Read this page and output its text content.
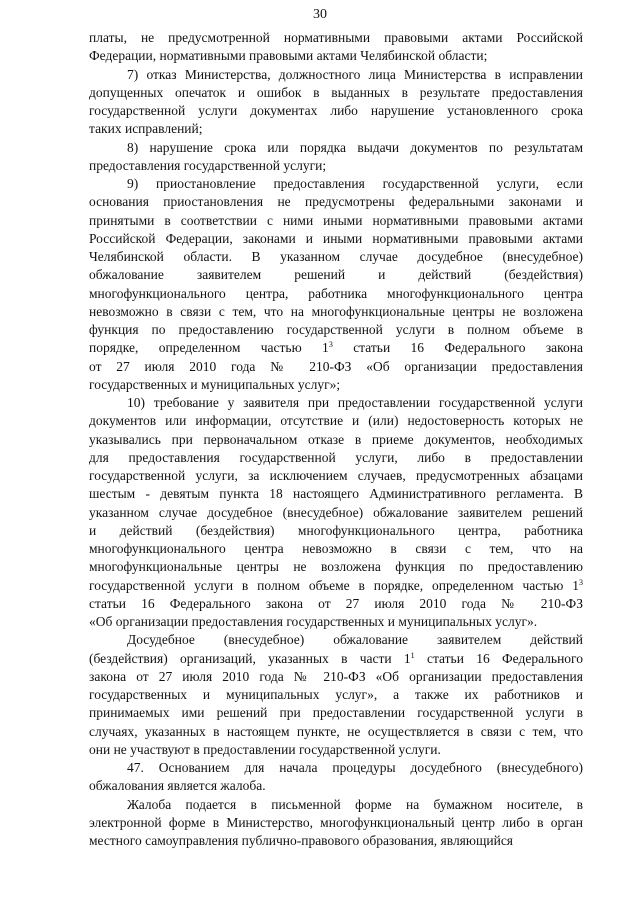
30
платы, не предусмотренной нормативными правовыми актами Российской
Федерации, нормативными правовыми актами Челябинской области;
7) отказ Министерства, должностного лица Министерства в исправлении
допущенных опечаток и ошибок в выданных в результате предоставления
государственной услуги документах либо нарушение установленного срока
таких исправлений;
8) нарушение срока или порядка выдачи документов по результатам
предоставления государственной услуги;
9) приостановление предоставления государственной услуги, если
основания приостановления не предусмотрены федеральными законами и
принятыми в соответствии с ними иными нормативными правовыми актами
Российской Федерации, законами и иными нормативными правовыми актами
Челябинской области. В указанном случае досудебное (внесудебное)
обжалование заявителем решений и действий (бездействия)
многофункционального центра, работника многофункционального центра
невозможно в связи с тем, что на многофункциональные центры не возложена
функция по предоставлению государственной услуги в полном объеме в
порядке, определенном частью $1^3$ статьи 16 Федерального закона
от 27 июля 2010 года № 210-ФЗ «Об организации предоставления
государственных и муниципальных услуг»;
10) требование у заявителя при предоставлении государственной услуги
документов или информации, отсутствие и (или) недостоверность которых не
указывались при первоначальном отказе в приеме документов, необходимых
для предоставления государственной услуги, либо в предоставлении
государственной услуги, за исключением случаев, предусмотренных абзацами
шестым - девятым пункта 18 настоящего Административного регламента. В
указанном случае досудебное (внесудебное) обжалование заявителем решений
и действий (бездействия) многофункционального центра, работника
многофункционального центра невозможно в связи с тем, что на
многофункциональные центры не возложена функция по предоставлению
государственной услуги в полном объеме в порядке, определенном частью $1^3$
статьи 16 Федерального закона от 27 июля 2010 года № 210-ФЗ
«Об организации предоставления государственных и муниципальных услуг».
Досудебное (внесудебное) обжалование заявителем действий
(бездействия) организаций, указанных в части $1^1$ статьи 16 Федерального
закона от 27 июля 2010 года № 210-ФЗ «Об организации предоставления
государственных и муниципальных услуг», а также их работников и
принимаемых ими решений при предоставлении государственной услуги в
случаях, указанных в настоящем пункте, не осуществляется в связи с тем, что
они не участвуют в предоставлении государственной услуги.
47. Основанием для начала процедуры досудебного (внесудебного)
обжалования является жалоба.
Жалоба подается в письменной форме на бумажном носителе, в
электронной форме в Министерство, многофункциональный центр либо в орган
местного самоуправления публично-правового образования, являющийся
